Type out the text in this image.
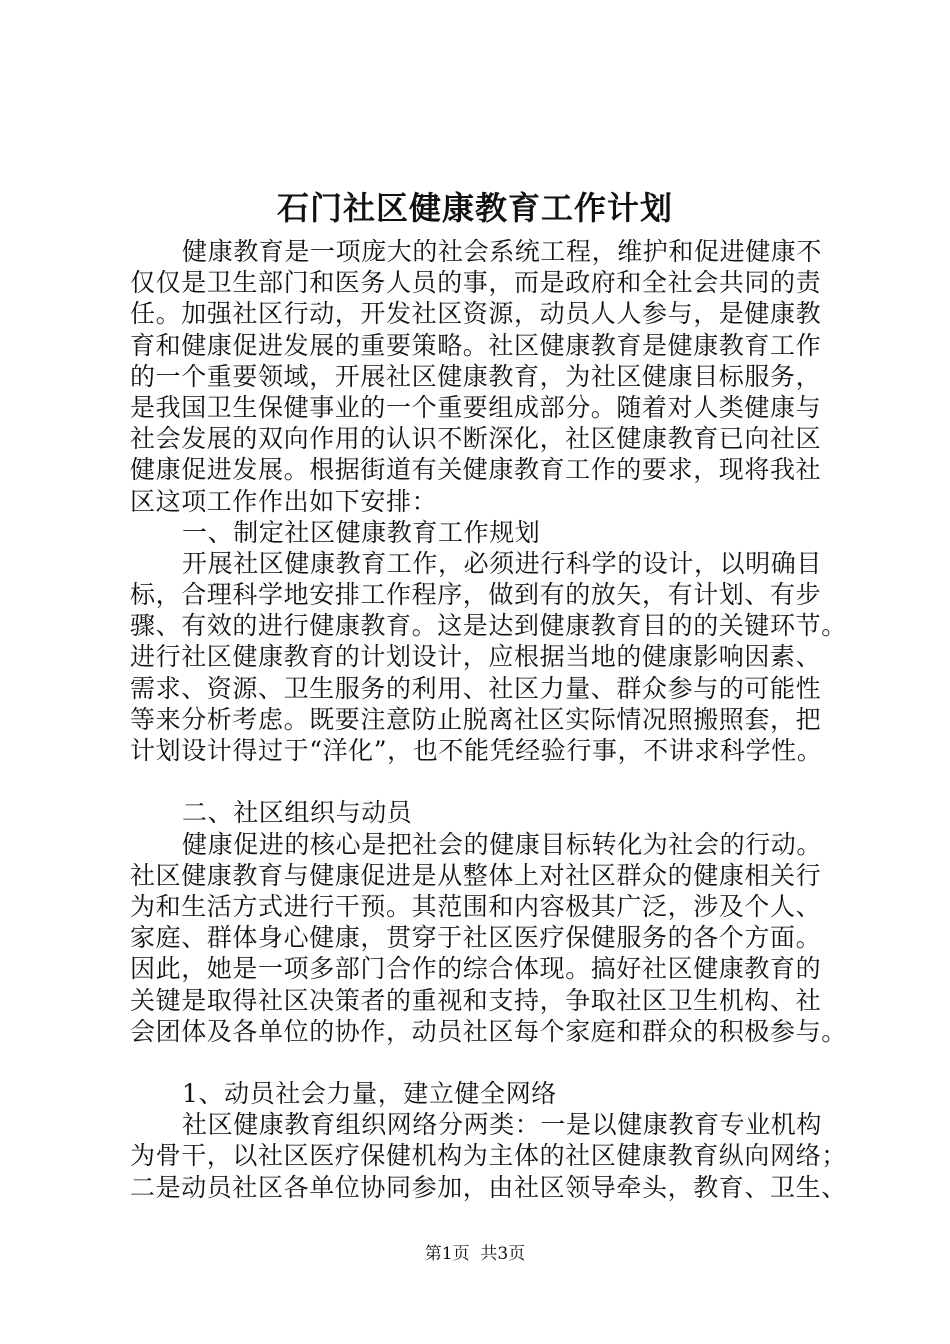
石门社区健康教育工作计划
健康教育是一项庞大的社会系统工程，维护和促进健康不
仅仅是卫生部门和医务人员的事，而是政府和全社会共同的责
任。加强社区行动，开发社区资源，动员人人参与，是健康教
育和健康促进发展的重要策略。社区健康教育是健康教育工作
的一个重要领域，开展社区健康教育，为社区健康目标服务，
是我国卫生保健事业的一个重要组成部分。随着对人类健康与
社会发展的双向作用的认识不断深化，社区健康教育已向社区
健康促进发展。根据街道有关健康教育工作的要求，现将我社
区这项工作作出如下安排：
一、制定社区健康教育工作规划
开展社区健康教育工作，必须进行科学的设计，以明确目
标，合理科学地安排工作程序，做到有的放矢，有计划、有步
骤、有效的进行健康教育。这是达到健康教育目的的关键环节。
进行社区健康教育的计划设计，应根据当地的健康影响因素、
需求、资源、卫生服务的利用、社区力量、群众参与的可能性
等来分析考虑。既要注意防止脱离社区实际情况照搬照套，把
计划设计得过于“洋化”，也不能凭经验行事，不讲求科学性。
二、社区组织与动员
健康促进的核心是把社会的健康目标转化为社会的行动。
社区健康教育与健康促进是从整体上对社区群众的健康相关行
为和生活方式进行干预。其范围和内容极其广泛，涉及个人、
家庭、群体身心健康，贯穿于社区医疗保健服务的各个方面。
因此，她是一项多部门合作的综合体现。搞好社区健康教育的
关键是取得社区决策者的重视和支持，争取社区卫生机构、社
会团体及各单位的协作，动员社区每个家庭和群众的积极参与。
1、动员社会力量，建立健全网络
社区健康教育组织网络分两类：一是以健康教育专业机构
为骨干，以社区医疗保健机构为主体的社区健康教育纵向网络；
二是动员社区各单位协同参加，由社区领导牵头，教育、卫生、
第1页  共3页
